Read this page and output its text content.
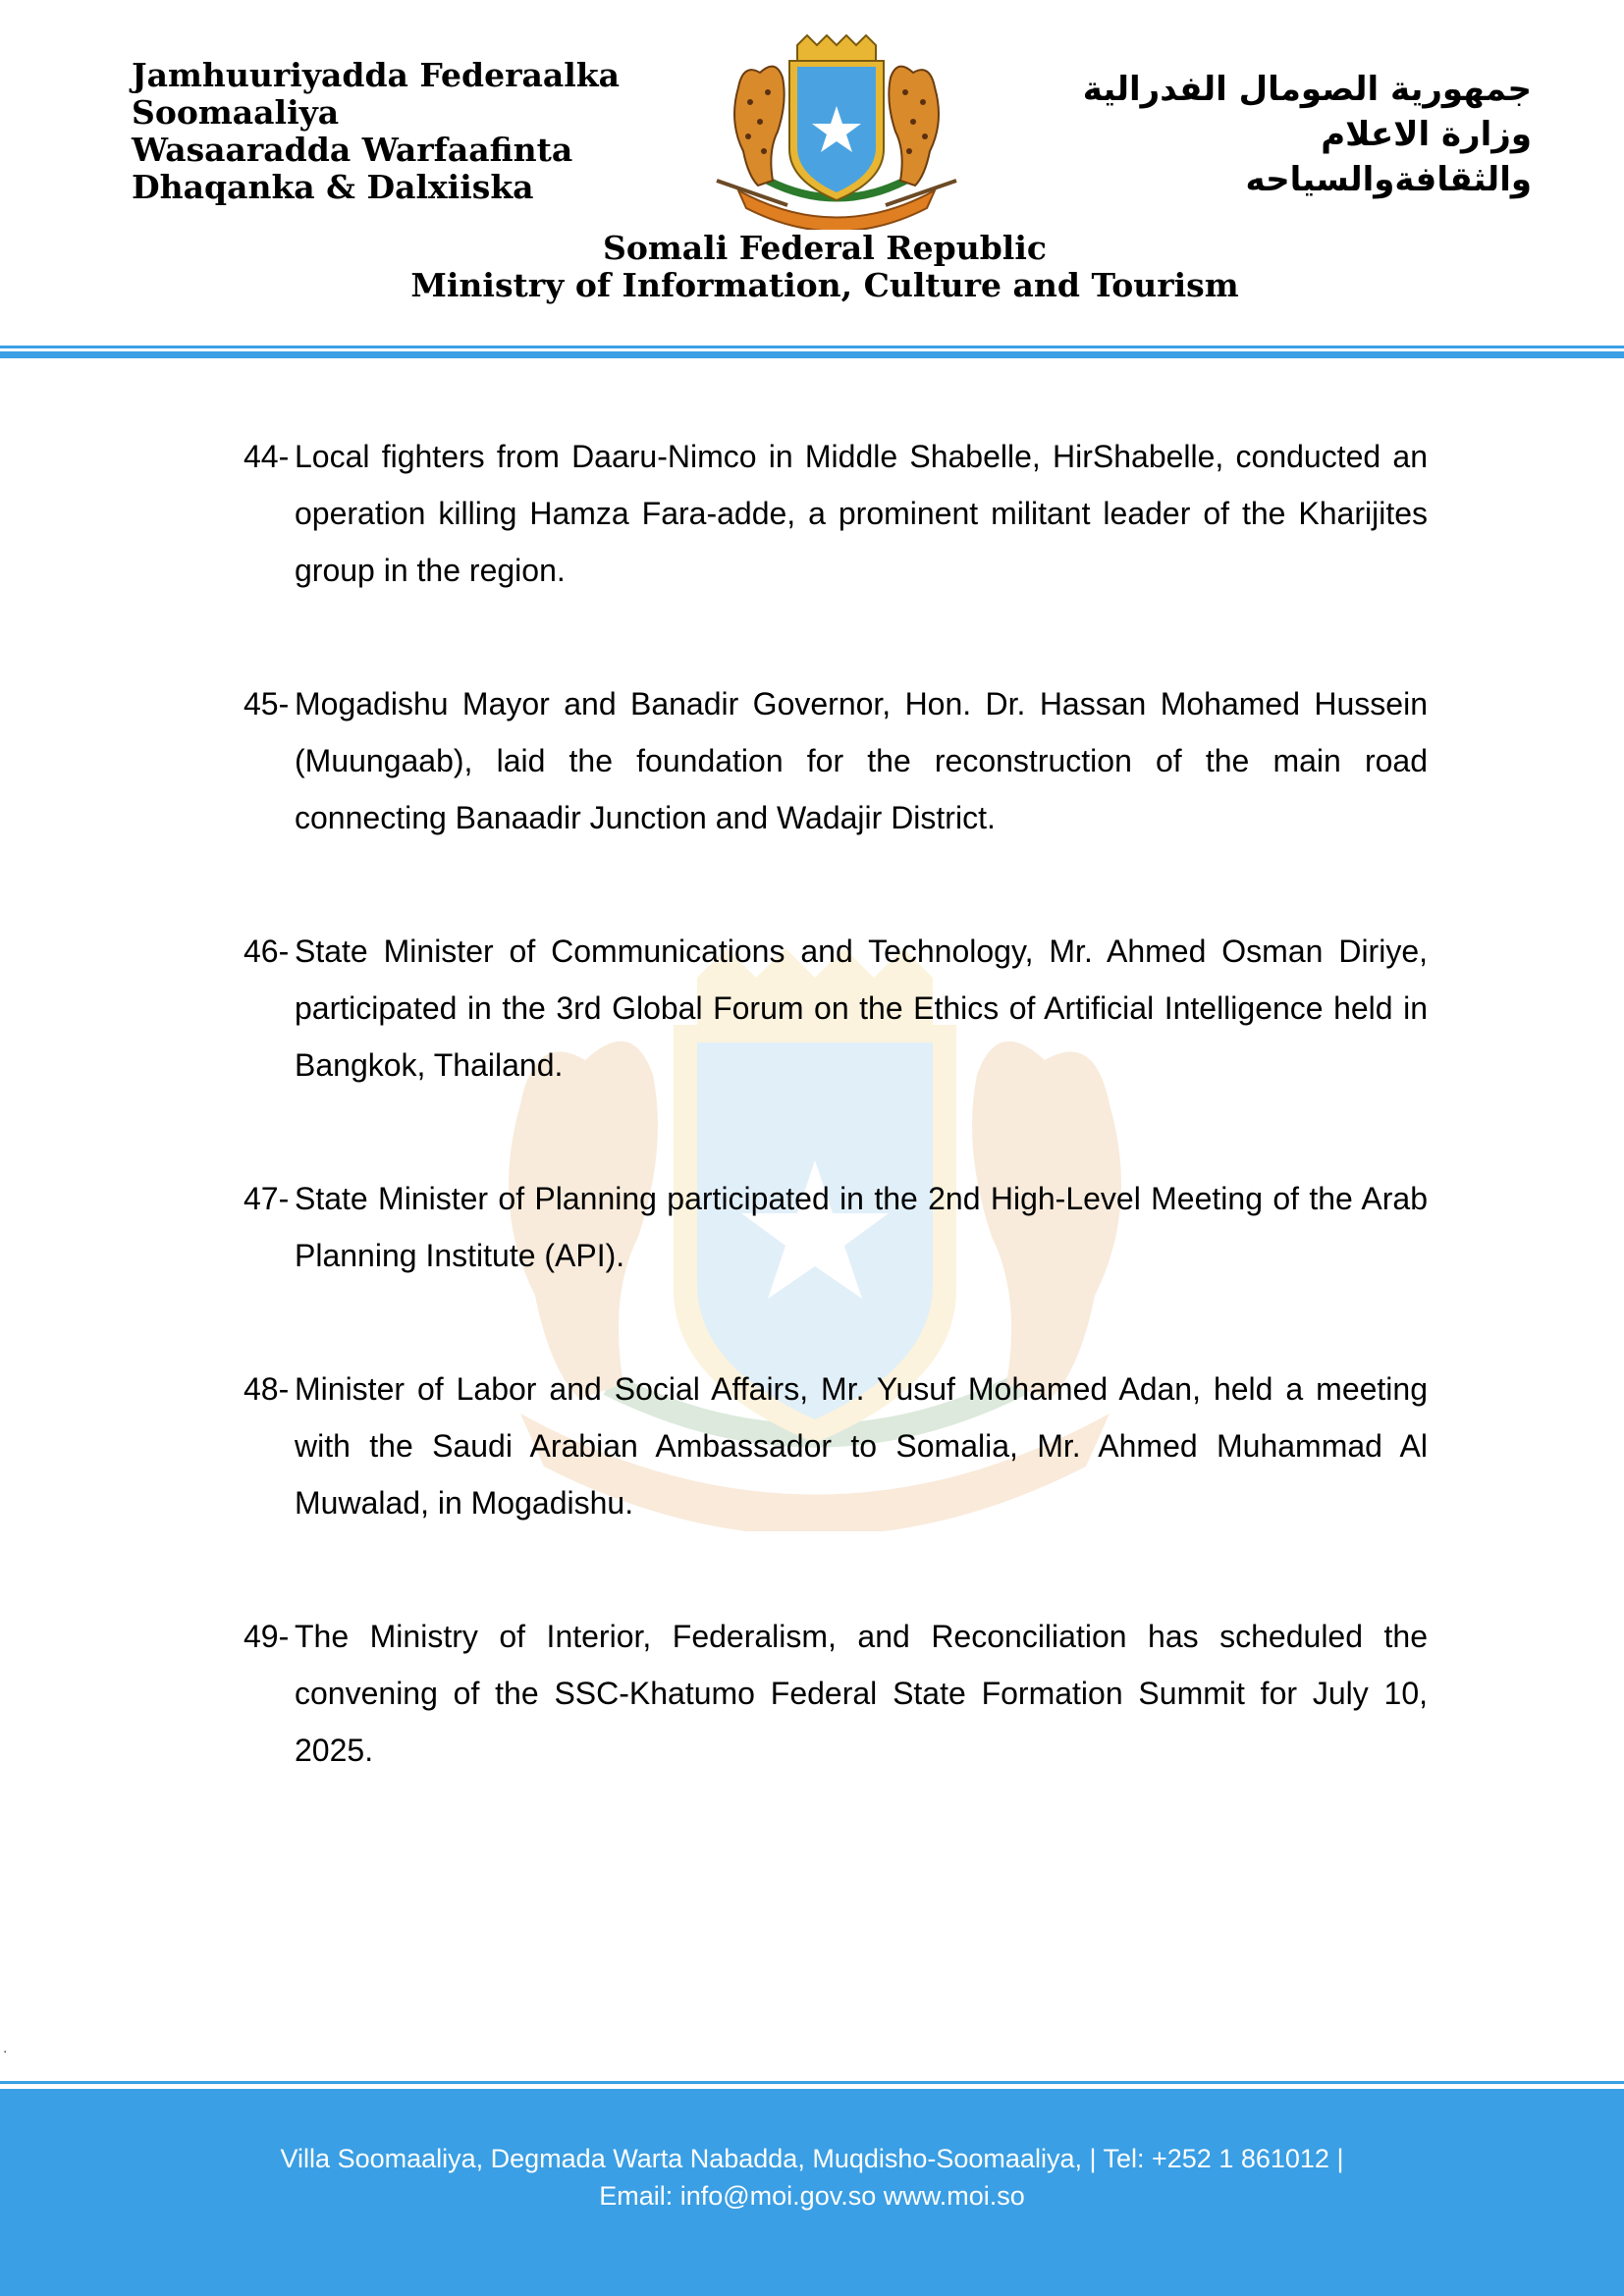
Jamhuuriyadda Federaalka
Soomaaliya
Wasaaradda Warfaafinta
Dhaqanka & Dalxiiska
جمهورية الصومال الفدرالية
وزارة الاعلام
والثقافةوالسياحه
Somali Federal Republic
Ministry of Information, Culture and Tourism
44- Local fighters from Daaru-Nimco in Middle Shabelle, HirShabelle, conducted an operation killing Hamza Fara-adde, a prominent militant leader of the Kharijites group in the region.
45- Mogadishu Mayor and Banadir Governor, Hon. Dr. Hassan Mohamed Hussein (Muungaab), laid the foundation for the reconstruction of the main road connecting Banaadir Junction and Wadajir District.
46- State Minister of Communications and Technology, Mr. Ahmed Osman Diriye, participated in the 3rd Global Forum on the Ethics of Artificial Intelligence held in Bangkok, Thailand.
47- State Minister of Planning participated in the 2nd High-Level Meeting of the Arab Planning Institute (API).
48- Minister of Labor and Social Affairs, Mr. Yusuf Mohamed Adan, held a meeting with the Saudi Arabian Ambassador to Somalia, Mr. Ahmed Muhammad Al Muwalad, in Mogadishu.
49- The Ministry of Interior, Federalism, and Reconciliation has scheduled the convening of the SSC-Khatumo Federal State Formation Summit for July 10, 2025.
.
Villa Soomaaliya, Degmada Warta Nabadda, Muqdisho-Soomaaliya, | Tel: +252 1 861012 |
Email: info@moi.gov.so www.moi.so
